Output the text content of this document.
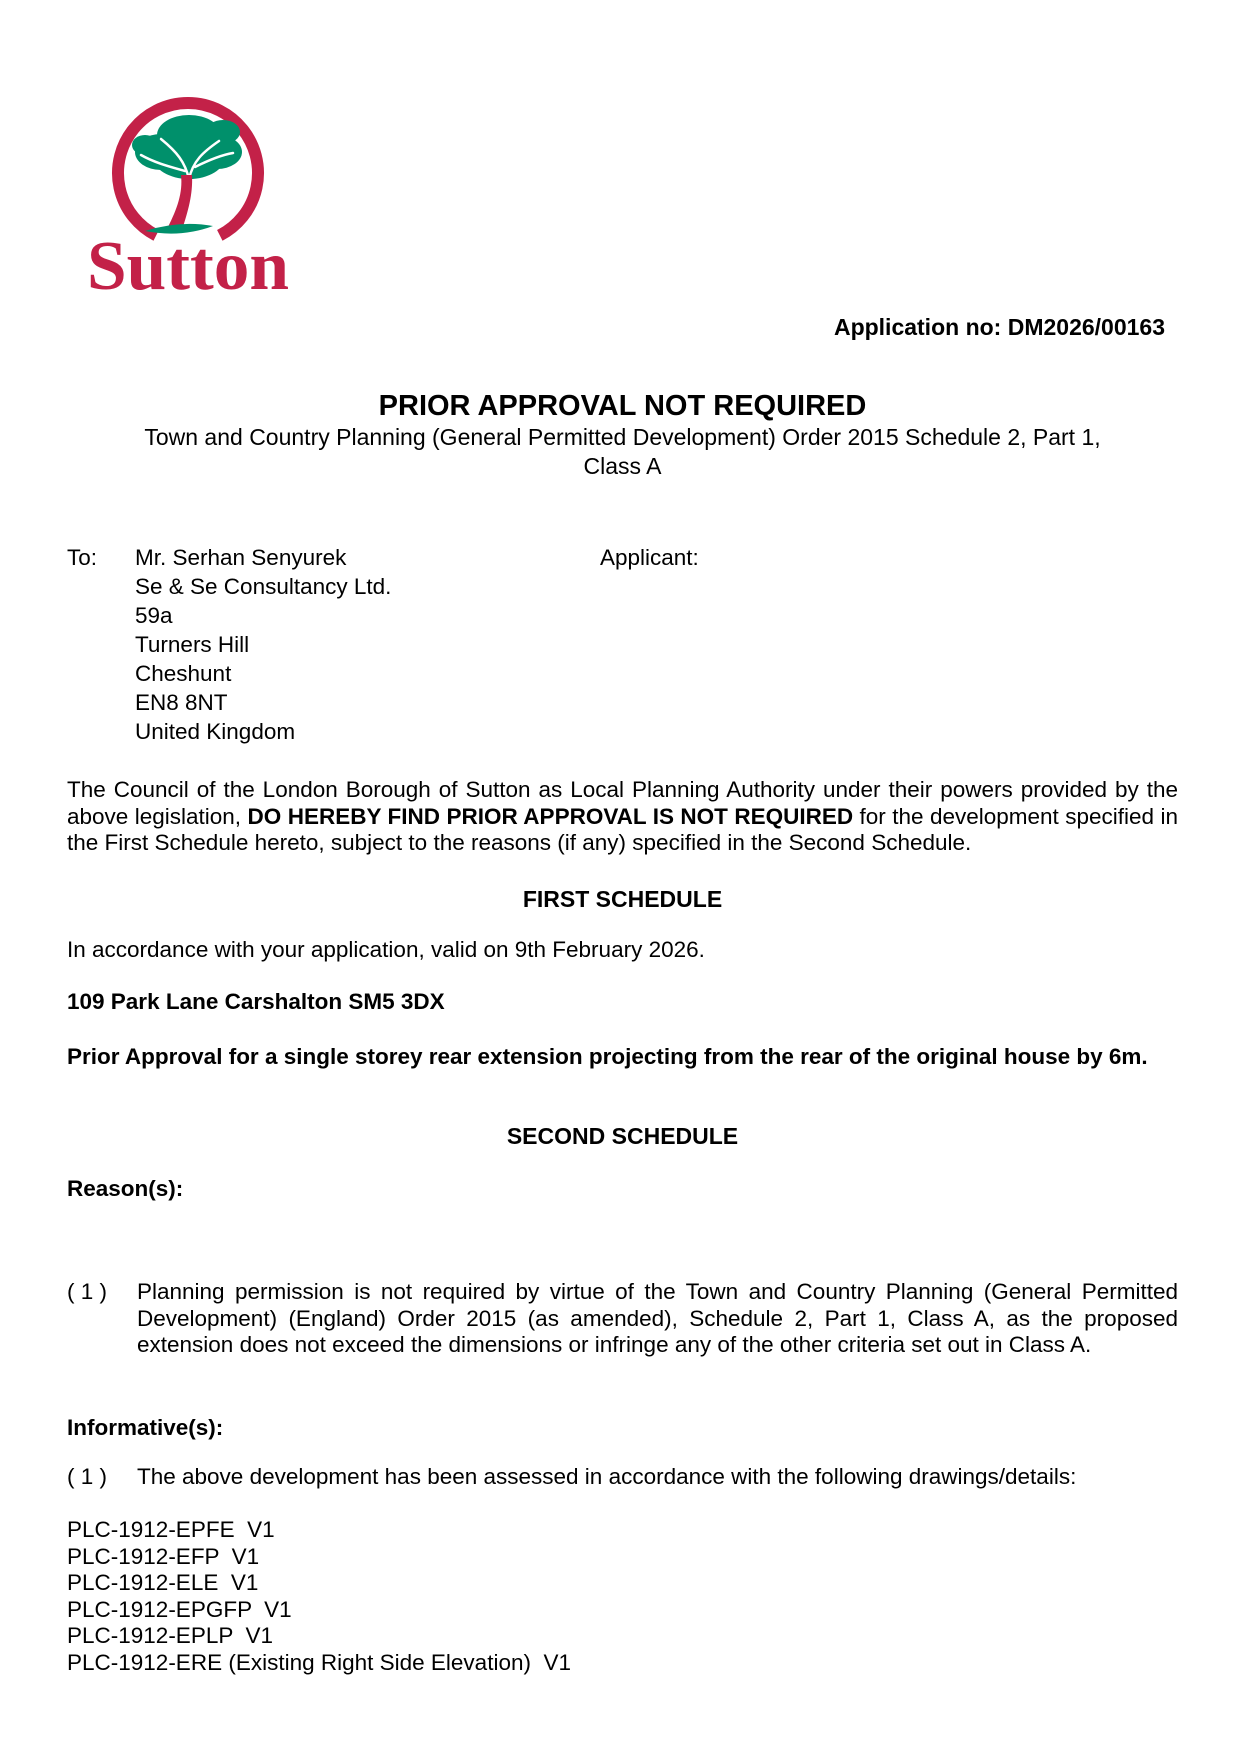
Sutton
Application no: DM2026/00163
PRIOR APPROVAL NOT REQUIRED
Town and Country Planning (General Permitted Development) Order 2015 Schedule 2, Part 1,
Class A
To:	Applicant:
Mr. Serhan Senyurek
Se & Se Consultancy Ltd.
59a
Turners Hill
Cheshunt
EN8 8NT
United Kingdom

The Council of the London Borough of Sutton as Local Planning Authority under their powers provided by the above legislation, DO HEREBY FIND PRIOR APPROVAL IS NOT REQUIRED for the development specified in the First Schedule hereto, subject to the reasons (if any) specified in the Second Schedule.

FIRST SCHEDULE
In accordance with your application, valid on 9th February 2026.
109 Park Lane Carshalton SM5 3DX
Prior Approval for a single storey rear extension projecting from the rear of the original house by 6m.
SECOND SCHEDULE
Reason(s):
( 1 ) Planning permission is not required by virtue of the Town and Country Planning (General Permitted Development) (England) Order 2015 (as amended), Schedule 2, Part 1, Class A, as the proposed extension does not exceed the dimensions or infringe any of the other criteria set out in Class A.
Informative(s):
( 1 ) The above development has been assessed in accordance with the following drawings/details:
PLC-1912-EPFE  V1
PLC-1912-EFP  V1
PLC-1912-ELE  V1
PLC-1912-EPGFP  V1
PLC-1912-EPLP  V1
PLC-1912-ERE (Existing Right Side Elevation)  V1
